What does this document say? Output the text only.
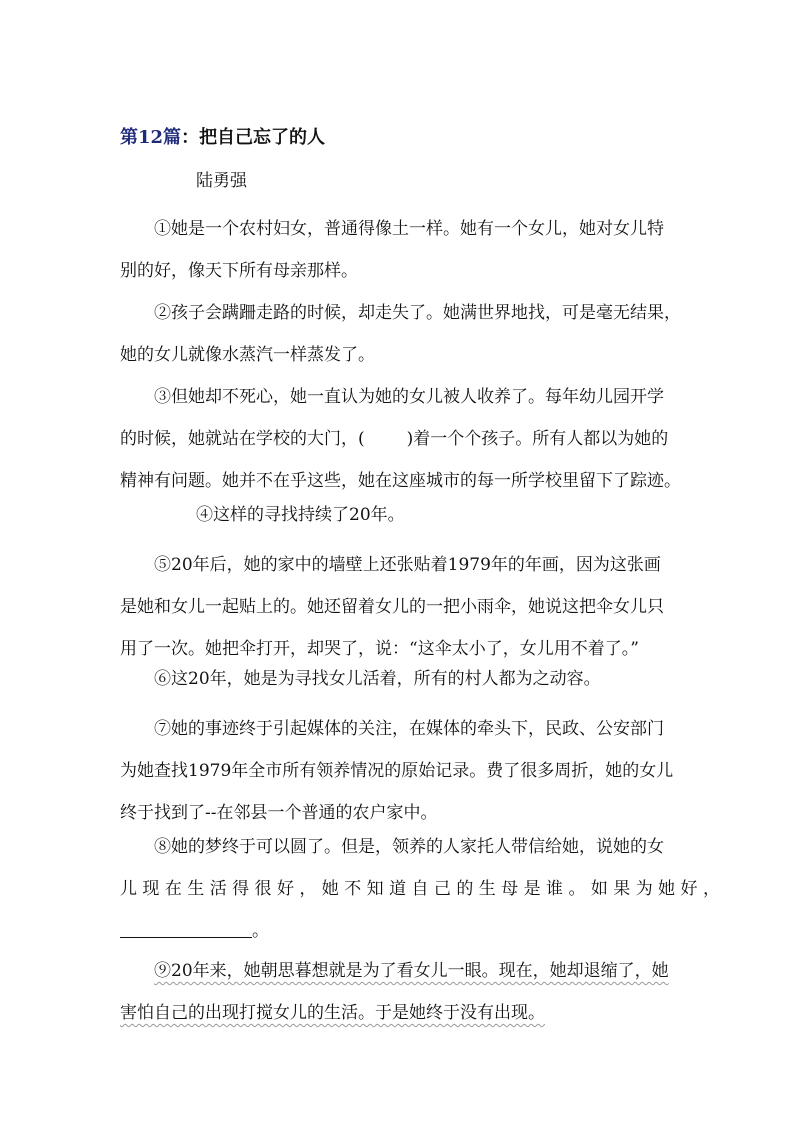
第12篇：把自己忘了的人
陆勇强
①她是一个农村妇女，普通得像土一样。她有一个女儿，她对女儿特
别的好，像天下所有母亲那样。
②孩子会蹒跚走路的时候，却走失了。她满世界地找，可是毫无结果，
她的女儿就像水蒸汽一样蒸发了。
③但她却不死心，她一直认为她的女儿被人收养了。每年幼儿园开学
的时候，她就站在学校的大门，( )着一个个孩子。所有人都以为她的
精神有问题。她并不在乎这些，她在这座城市的每一所学校里留下了踪迹。
④这样的寻找持续了20年。
⑤20年后，她的家中的墙壁上还张贴着1979年的年画，因为这张画
是她和女儿一起贴上的。她还留着女儿的一把小雨伞，她说这把伞女儿只
用了一次。她把伞打开，却哭了，说：“这伞太小了，女儿用不着了。”
⑥这20年，她是为寻找女儿活着，所有的村人都为之动容。
⑦她的事迹终于引起媒体的关注，在媒体的牵头下，民政、公安部门
为她查找1979年全市所有领养情况的原始记录。费了很多周折，她的女儿
终于找到了--在邻县一个普通的农户家中。
⑧她的梦终于可以圆了。但是，领养的人家托人带信给她，说她的女
儿 现 在 生 活 得 很 好 ， 她 不 知 道 自 己 的 生 母 是 谁 。 如 果 为 她 好 ，
。
⑨20年来，她朝思暮想就是为了看女儿一眼。现在，她却退缩了，她
害怕自己的出现打搅女儿的生活。于是她终于没有出现。
